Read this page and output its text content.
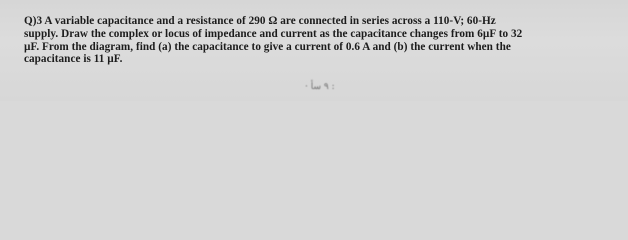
Q)3 A variable capacitance and a resistance of 290 Ω are connected in series across a 110-V; 60-Hz
supply. Draw the complex or locus of impedance and current as the capacitance changes from 6µF to 32
µF. From the diagram, find (a) the capacitance to give a current of 0.6 A and (b) the current when the
capacitance is 11 µF.

· ٩ ﺳﺄ :
